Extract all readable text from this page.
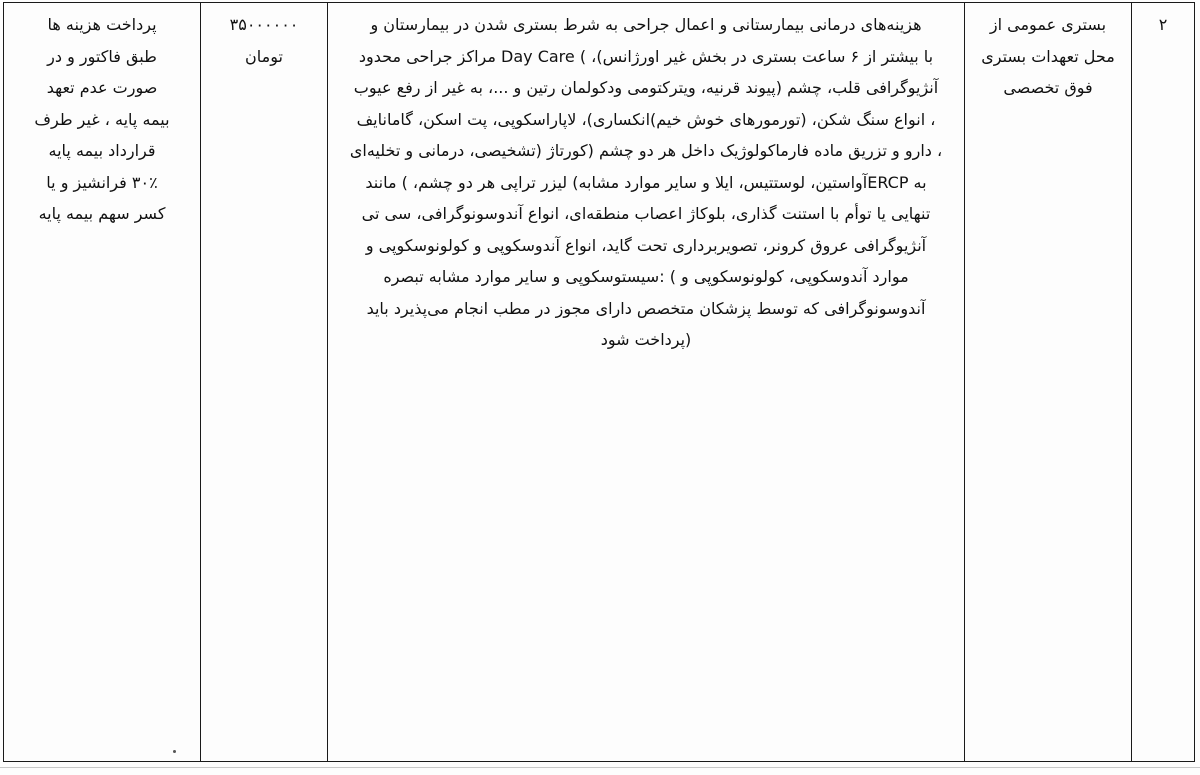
۲

بستری عمومی از
محل تعهدات بستری
فوق تخصصی

هزینه‌های درمانی بیمارستانی و اعمال جراحی به شرط بستری شدن در بیمارستان و
با بیشتر از ۶ ساعت بستری در بخش غیر اورژانس)، ) Day Care مراکز جراحی محدود
آنژیوگرافی قلب، چشم (پیوند قرنیه، ویترکتومی ودکولمان رتین و ...، به غیر از رفع عیوب
، انواع سنگ شکن، (تورمورهای خوش خیم)انکساری)، لاپاراسکوپی، پت اسکن، گامانایف
، دارو و تزریق ماده فارماکولوژیک داخل هر دو چشم (کورتاژ (تشخیصی، درمانی و تخلیه‌ای
به ERCPآواستین، لوستتیس، ایلا و سایر موارد مشابه) لیزر تراپی هر دو چشم، ) مانند
تنهایی یا توأم با استنت گذاری، بلوکاژ اعصاب منطقه‌ای، انواع آندوسونوگرافی، سی تی
آنژیوگرافی عروق کرونر، تصویربرداری تحت گاید، انواع آندوسکوپی و کولونوسکوپی و
موارد آندوسکوپی، کولونوسکوپی و ) :سیستوسکوپی و سایر موارد مشابه تبصره
آندوسونوگرافی که توسط پزشکان متخصص دارای مجوز در مطب انجام می‌پذیرد باید
(پرداخت شود

۳۵۰۰۰۰۰۰
تومان

پرداخت هزینه ها
طبق فاکتور و در
صورت عدم تعهد
بیمه پایه ، غیر طرف
قرارداد بیمه پایه
۳۰٪ فرانشیز و یا
کسر سهم بیمه پایه
